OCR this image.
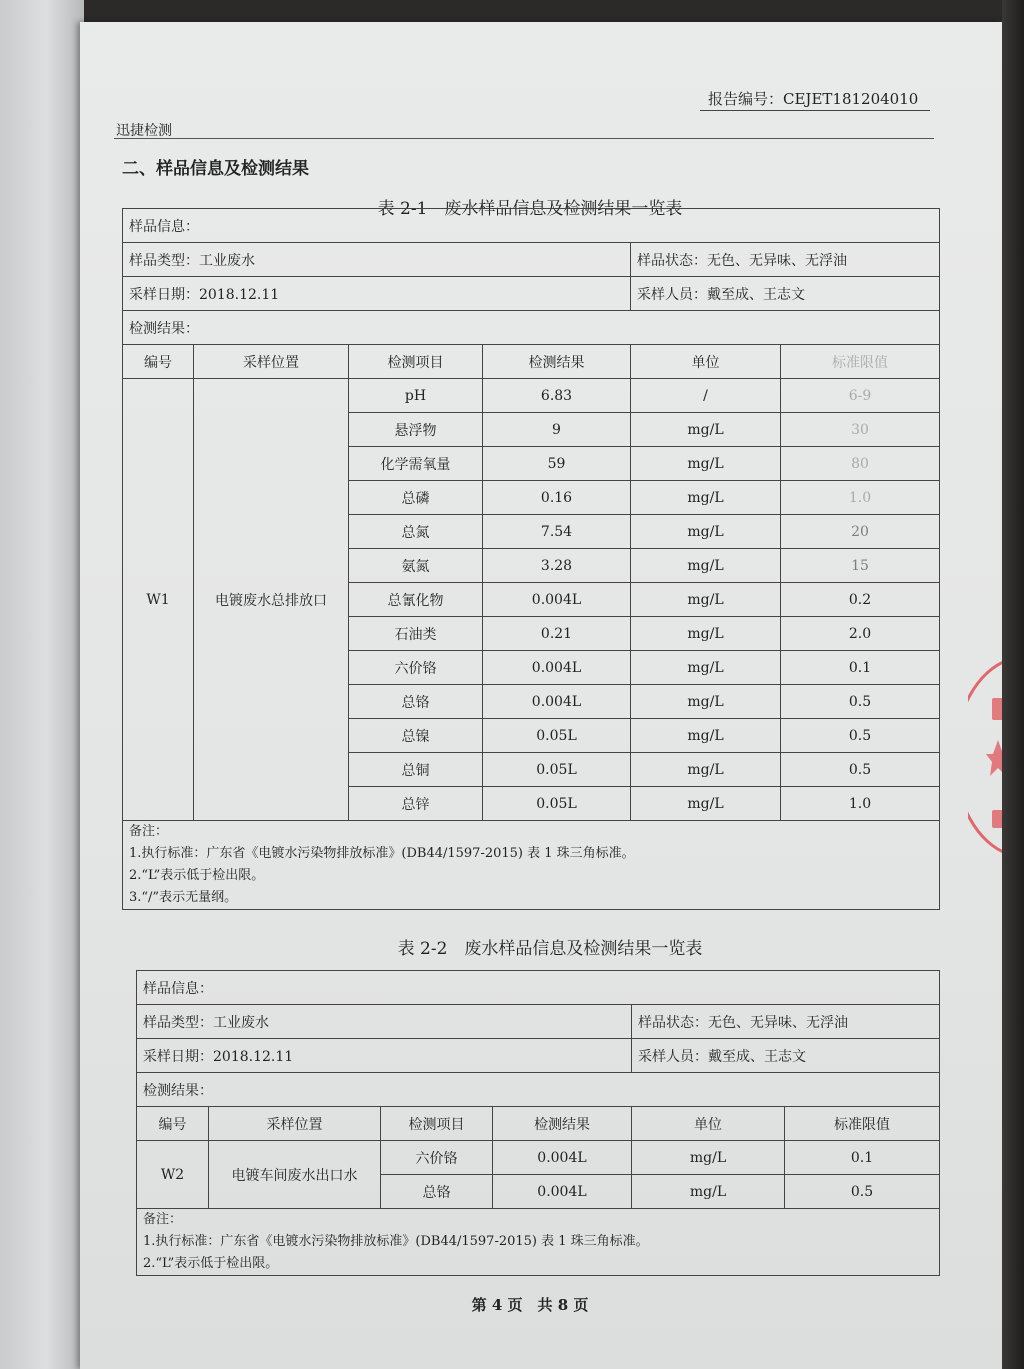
报告编号：CEJET181204010
迅捷检测
二、样品信息及检测结果
表 2-1　废水样品信息及检测结果一览表
样品信息：					
样品类型：工业废水				样品状态：无色、无异味、无浮油	
采样日期：2018.12.11				采样人员：戴至成、王志文	
检测结果：					
编号	采样位置	检测项目	检测结果	单位	标准限值
W1	电镀废水总排放口	pH	6.83	/	6-9
		悬浮物	9	mg/L	30
		化学需氧量	59	mg/L	80
		总磷	0.16	mg/L	1.0
		总氮	7.54	mg/L	20
		氨氮	3.28	mg/L	15
		总氰化物	0.004L	mg/L	0.2
		石油类	0.21	mg/L	2.0
		六价铬	0.004L	mg/L	0.1
		总铬	0.004L	mg/L	0.5
		总镍	0.05L	mg/L	0.5
		总铜	0.05L	mg/L	0.5
		总锌	0.05L	mg/L	1.0

备注：
1.执行标准：广东省《电镀水污染物排放标准》(DB44/1597-2015) 表 1 珠三角标准。
2.“L”表示低于检出限。
3.“/”表示无量纲。					
表 2-2　废水样品信息及检测结果一览表
样品信息：					
样品类型：工业废水				样品状态：无色、无异味、无浮油	
采样日期：2018.12.11				采样人员：戴至成、王志文	
检测结果：					
编号	采样位置	检测项目	检测结果	单位	标准限值
W2	电镀车间废水出口水	六价铬	0.004L	mg/L	0.1
		总铬	0.004L	mg/L	0.5

备注：
1.执行标准：广东省《电镀水污染物排放标准》(DB44/1597-2015) 表 1 珠三角标准。
2.“L”表示低于检出限。					
第 4 页　共 8 页
